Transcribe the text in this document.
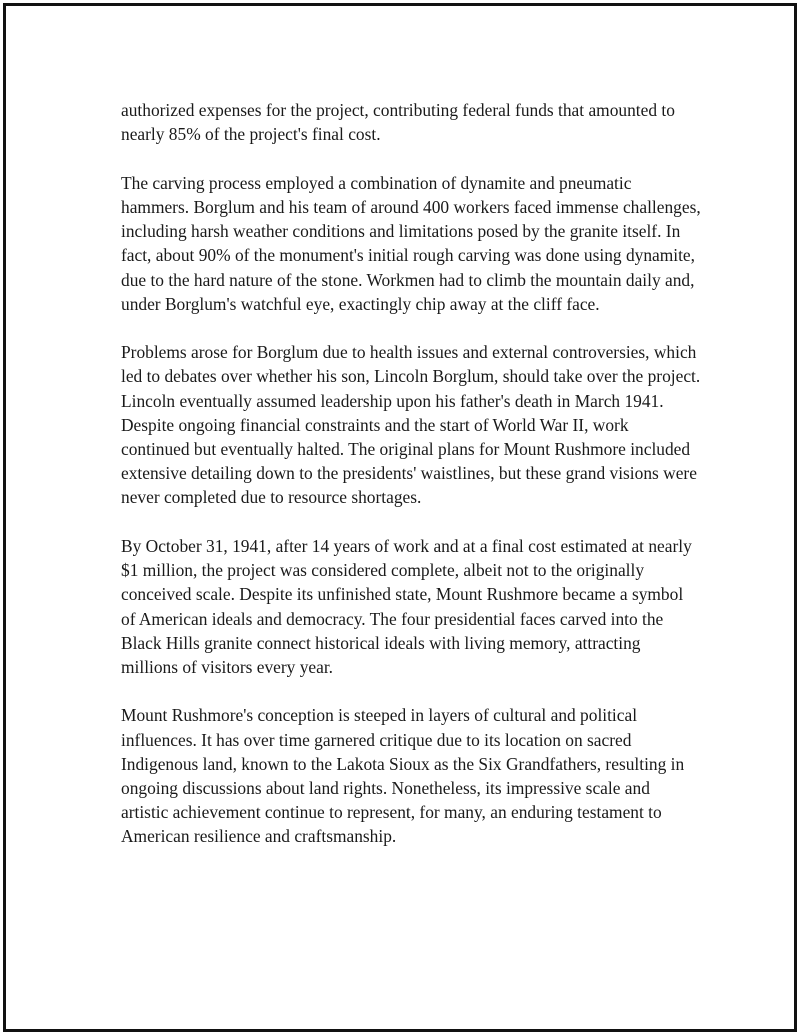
authorized expenses for the project, contributing federal funds that amounted to nearly 85% of the project's final cost.

The carving process employed a combination of dynamite and pneumatic hammers. Borglum and his team of around 400 workers faced immense challenges, including harsh weather conditions and limitations posed by the granite itself. In fact, about 90% of the monument's initial rough carving was done using dynamite, due to the hard nature of the stone. Workmen had to climb the mountain daily and, under Borglum's watchful eye, exactingly chip away at the cliff face.

Problems arose for Borglum due to health issues and external controversies, which led to debates over whether his son, Lincoln Borglum, should take over the project. Lincoln eventually assumed leadership upon his father's death in March 1941. Despite ongoing financial constraints and the start of World War II, work continued but eventually halted. The original plans for Mount Rushmore included extensive detailing down to the presidents' waistlines, but these grand visions were never completed due to resource shortages.

By October 31, 1941, after 14 years of work and at a final cost estimated at nearly $1 million, the project was considered complete, albeit not to the originally conceived scale. Despite its unfinished state, Mount Rushmore became a symbol of American ideals and democracy. The four presidential faces carved into the Black Hills granite connect historical ideals with living memory, attracting millions of visitors every year.

Mount Rushmore's conception is steeped in layers of cultural and political influences. It has over time garnered critique due to its location on sacred Indigenous land, known to the Lakota Sioux as the Six Grandfathers, resulting in ongoing discussions about land rights. Nonetheless, its impressive scale and artistic achievement continue to represent, for many, an enduring testament to American resilience and craftsmanship.
